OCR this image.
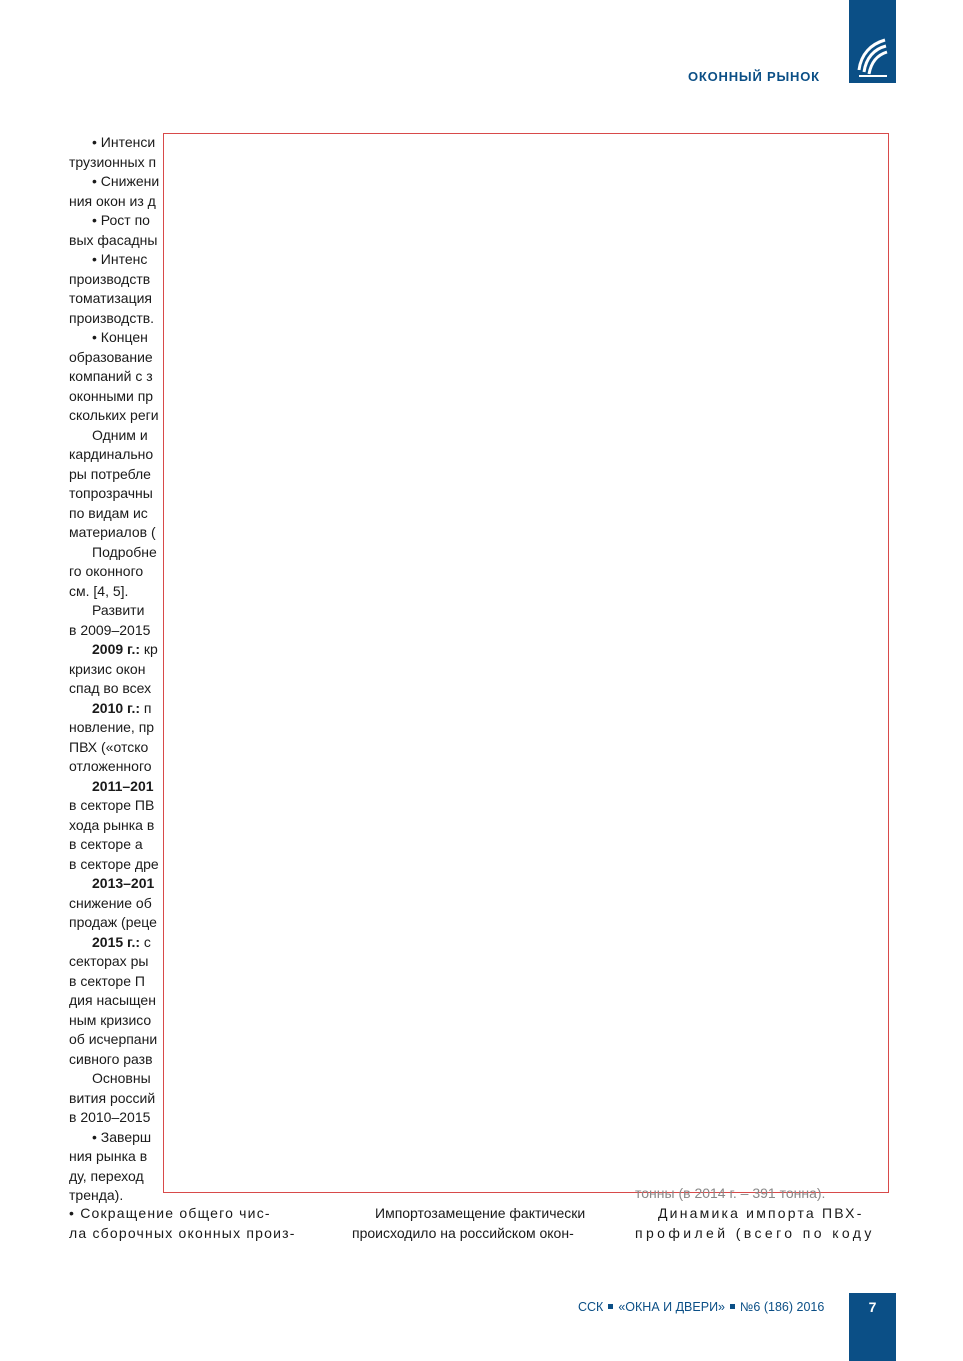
ОКОННЫЙ РЫНОК
• Интенси
трузионных п
• Снижени
ния окон из д
• Рост по
вых фасадны
• Интенс
производств
томатизация
производств.
• Концен
образование
компаний с з
оконными пр
скольких реги
Одним и
кардинально
ры потребле
топрозрачны
по видам ис
материалов (
Подробне
го оконного
см. [4, 5].
Развити
в 2009–2015
2009 г.: кр
кризис окон
спад во всех
2010 г.: п
новление, пр
ПВХ («отско
отложенного
2011–201
в секторе ПВ
хода рынка в
в секторе а
в секторе дре
2013–201
снижение об
продаж (реце
2015 г.: с
секторах ры
в секторе П
дия насыщен
ным кризисо
об исчерпани
сивного разв
Основны
вития россий
в 2010–2015
• Заверш
ния рынка в
ду, переход
тренда).
• Сокращение общего чис-
ла сборочных оконных произ-
Импортозамещение фактически
происходило на российском окон-
тонны (в 2014 г. – 391 тонна).
Динамика импорта ПВХ-
профилей (всего по коду
ССК «ОКНА И ДВЕРИ» №6 (186) 2016	7
